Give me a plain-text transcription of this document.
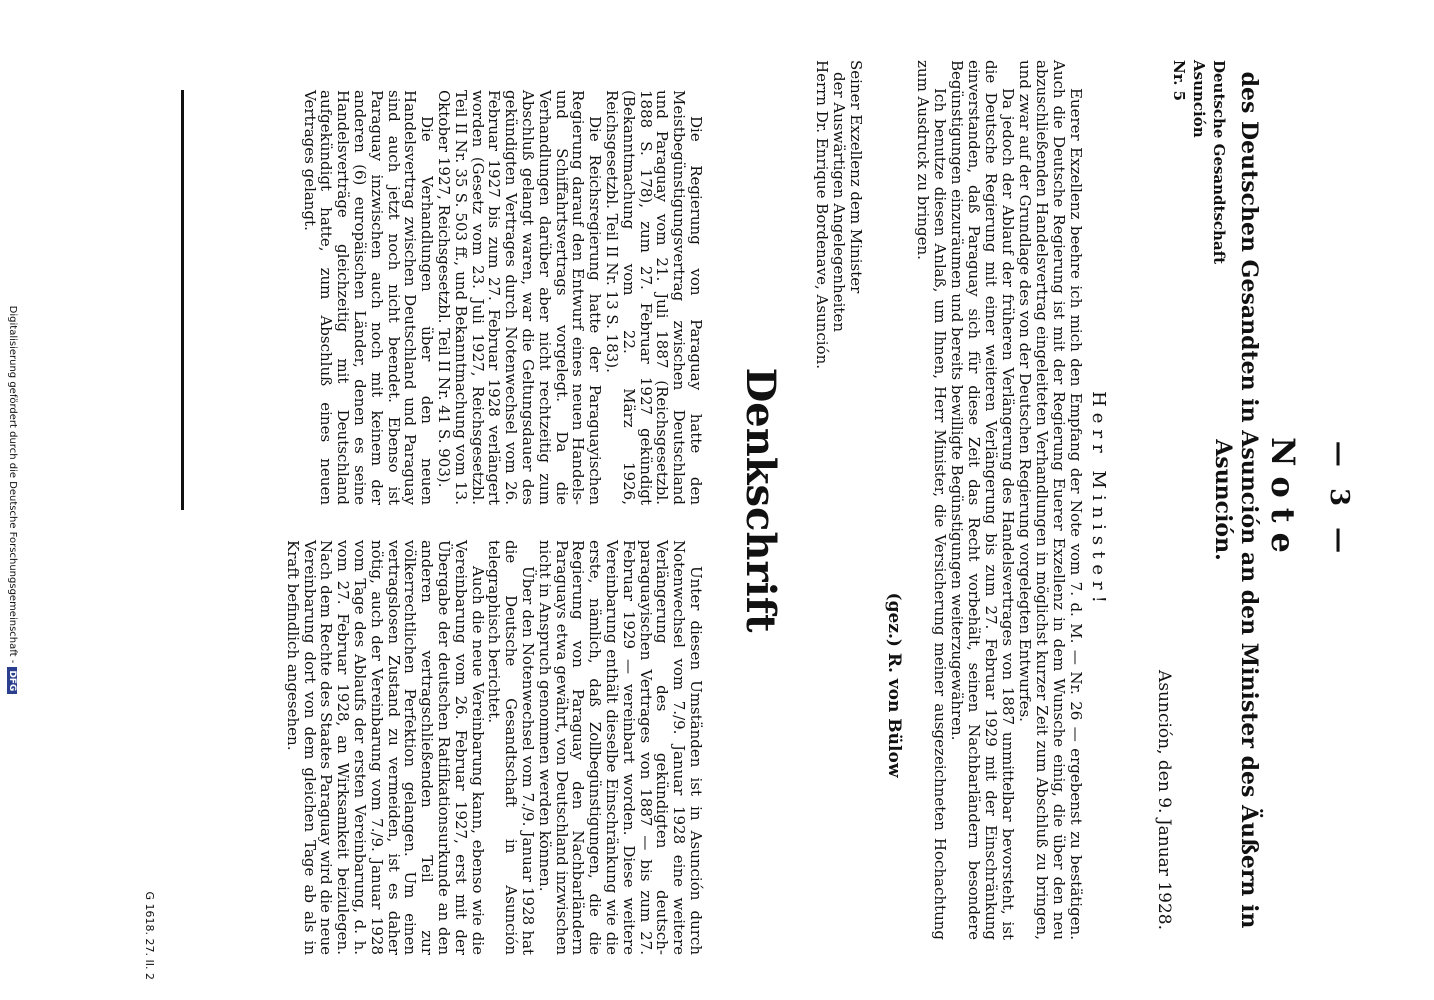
— 3 —
Note
des Deutschen Gesandten in Asunción an den Minister des Äußern in Asunción.
Deutsche Gesandtschaft
Asunción
Nr. 5
Asunción, den 9. Januar 1928.
Herr Minister!

Euerer Exzellenz beehre ich mich den Empfang der Note vom 7. d. M. — Nr. 26 — ergebenst zu bestätigen. Auch die Deutsche Regierung ist mit der Regierung Euerer Exzellenz in dem Wunsche einig, die über den neu abzuschließenden Handelsvertrag eingeleiteten Verhandlungen in möglichst kurzer Zeit zum Abschluß zu bringen, und zwar auf der Grundlage des von der Deutschen Regierung vorgelegten Entwurfes.

Da jedoch der Ablauf der früheren Verlängerung des Handelsvertrages von 1887 unmittelbar bevorsteht, ist die Deutsche Regierung mit einer weiteren Verlängerung bis zum 27. Februar 1929 mit der Einschränkung einverstanden, daß Paraguay sich für diese Zeit das Recht vorbehält, seinen Nachbarländern besondere Begünstigungen einzuräumen und bereits bewilligte Begünstigungen weiterzugewähren.

Ich benutze diesen Anlaß, um Ihnen, Herr Minister, die Versicherung meiner ausgezeichneten Hochachtung zum Ausdruck zu bringen.

(gez.) R. von Bülow
Seiner Exzellenz dem Minister
der Auswärtigen Angelegenheiten
Herrn Dr. Enrique Bordenave, Asunción.
Denkschrift

Die Regierung von Paraguay hatte den Meistbegünstigungsvertrag zwischen Deutschland und Paraguay vom 21. Juli 1887 (Reichsgesetzbl. 1888 S. 178), zum 27. Februar 1927 gekündigt (Bekanntmachung vom 22. März 1926, Reichsgesetzbl. Teil II Nr. 13 S. 183).

Die Reichsregierung hatte der Paraguayischen Regierung darauf den Entwurf eines neuen Handels- und Schiffahrtsvertrags vorgelegt. Da die Verhandlungen darüber aber nicht rechtzeitig zum Abschluß gelangt waren, war die Geltungsdauer des gekündigten Vertrages durch Notenwechsel vom 26. Februar 1927 bis zum 27. Februar 1928 verlängert worden (Gesetz vom 23. Juli 1927, Reichsgesetzbl. Teil II Nr. 35 S. 503 ff., und Bekanntmachung vom 13. Oktober 1927, Reichsgesetzbl. Teil II Nr. 41 S. 903).

Die Verhandlungen über den neuen Handelsvertrag zwischen Deutschland und Paraguay sind auch jetzt noch nicht beendet. Ebenso ist Paraguay inzwischen auch noch mit keinem der anderen (6) europäischen Länder, denen es seine Handelsverträge gleichzeitig mit Deutschland aufgekündigt hatte, zum Abschluß eines neuen Vertrages gelangt.

Unter diesen Umständen ist in Asunción durch Notenwechsel vom 7./9. Januar 1928 eine weitere Verlängerung des gekündigten deutsch-paraguayischen Vertrages von 1887 — bis zum 27. Februar 1929 — vereinbart worden. Diese weitere Vereinbarung enthält dieselbe Einschränkung wie die erste, nämlich, daß Zollbegünstigungen, die die Regierung von Paraguay den Nachbarländern Paraguays etwa gewährt, von Deutschland inzwischen nicht in Anspruch genommen werden können.

Über den Notenwechsel vom 7./9. Januar 1928 hat die Deutsche Gesandtschaft in Asunción telegraphisch berichtet.

Auch die neue Vereinbarung kann, ebenso wie die Vereinbarung vom 26. Februar 1927, erst mit der Übergabe der deutschen Ratifikationsurkunde an den anderen vertragschließenden Teil zur völkerrechtlichen Perfektion gelangen. Um einen vertragslosen Zustand zu vermeiden, ist es daher nötig, auch der Vereinbarung vom 7./9. Januar 1928 vom Tage des Ablaufs der ersten Vereinbarung, d. h. vom 27. Februar 1928, an Wirksamkeit beizulegen. Nach dem Rechte des Staates Paraguay wird die neue Vereinbarung dort von dem gleichen Tage ab als in Kraft befindlich angesehen.

G 1618. 27. II. 2
Digitalisierung gefördert durch die Deutsche Forschungsgemeinschaft -DFG
